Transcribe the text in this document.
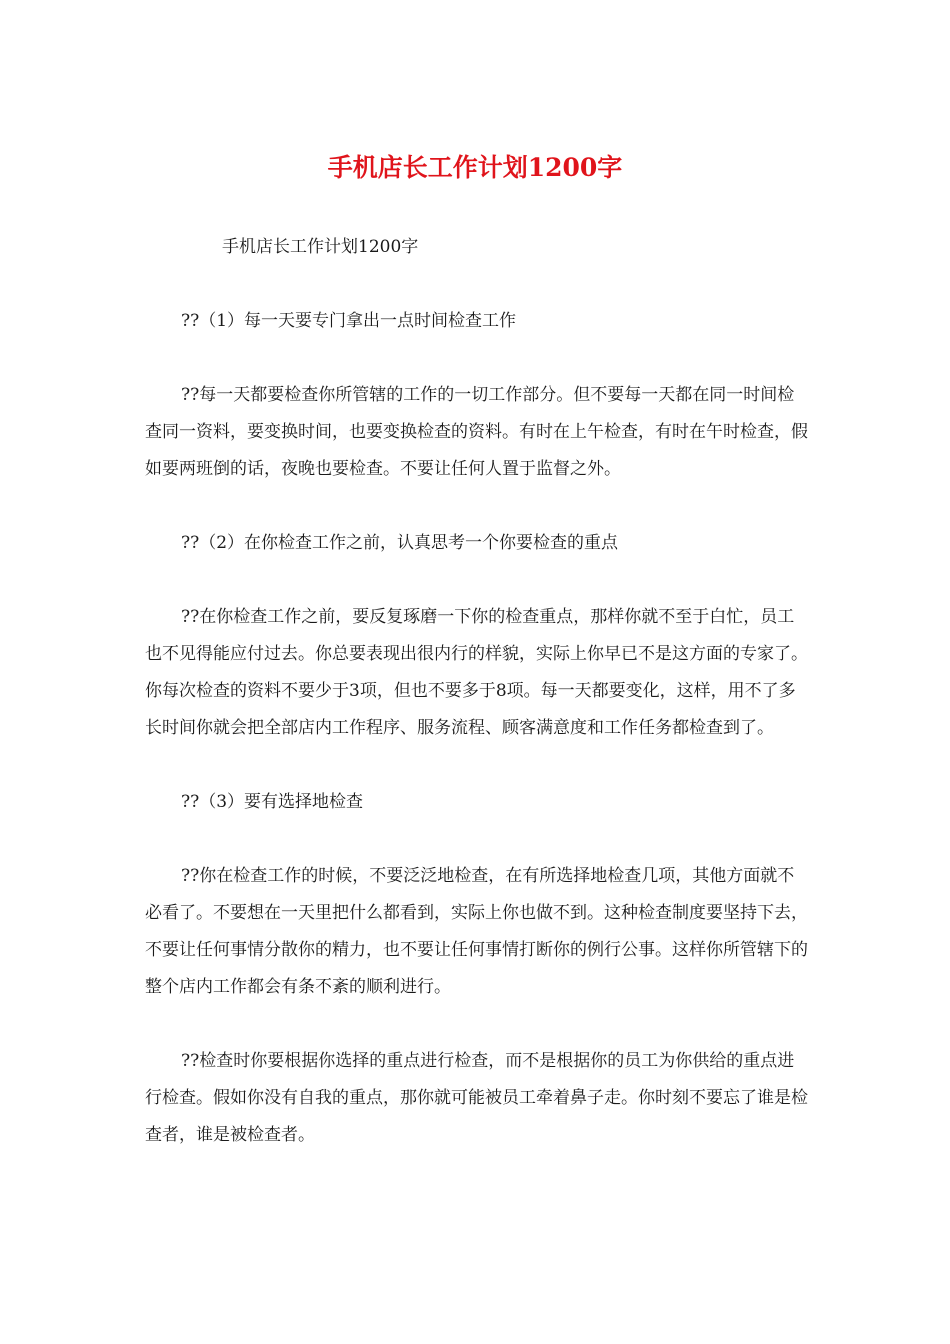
手机店长工作计划1200字

手机店长工作计划1200字

??（1）每一天要专门拿出一点时间检查工作

??每一天都要检查你所管辖的工作的一切工作部分。但不要每一天都在同一时间检查同一资料，要变换时间，也要变换检查的资料。有时在上午检查，有时在午时检查，假如要两班倒的话，夜晚也要检查。不要让任何人置于监督之外。

??（2）在你检查工作之前，认真思考一个你要检查的重点

??在你检查工作之前，要反复琢磨一下你的检查重点，那样你就不至于白忙，员工也不见得能应付过去。你总要表现出很内行的样貌，实际上你早已不是这方面的专家了。你每次检查的资料不要少于3项，但也不要多于8项。每一天都要变化，这样，用不了多长时间你就会把全部店内工作程序、服务流程、顾客满意度和工作任务都检查到了。

??（3）要有选择地检查

??你在检查工作的时候，不要泛泛地检查，在有所选择地检查几项，其他方面就不必看了。不要想在一天里把什么都看到，实际上你也做不到。这种检查制度要坚持下去，不要让任何事情分散你的精力，也不要让任何事情打断你的例行公事。这样你所管辖下的整个店内工作都会有条不紊的顺利进行。

??检查时你要根据你选择的重点进行检查，而不是根据你的员工为你供给的重点进行检查。假如你没有自我的重点，那你就可能被员工牵着鼻子走。你时刻不要忘了谁是检查者，谁是被检查者。
